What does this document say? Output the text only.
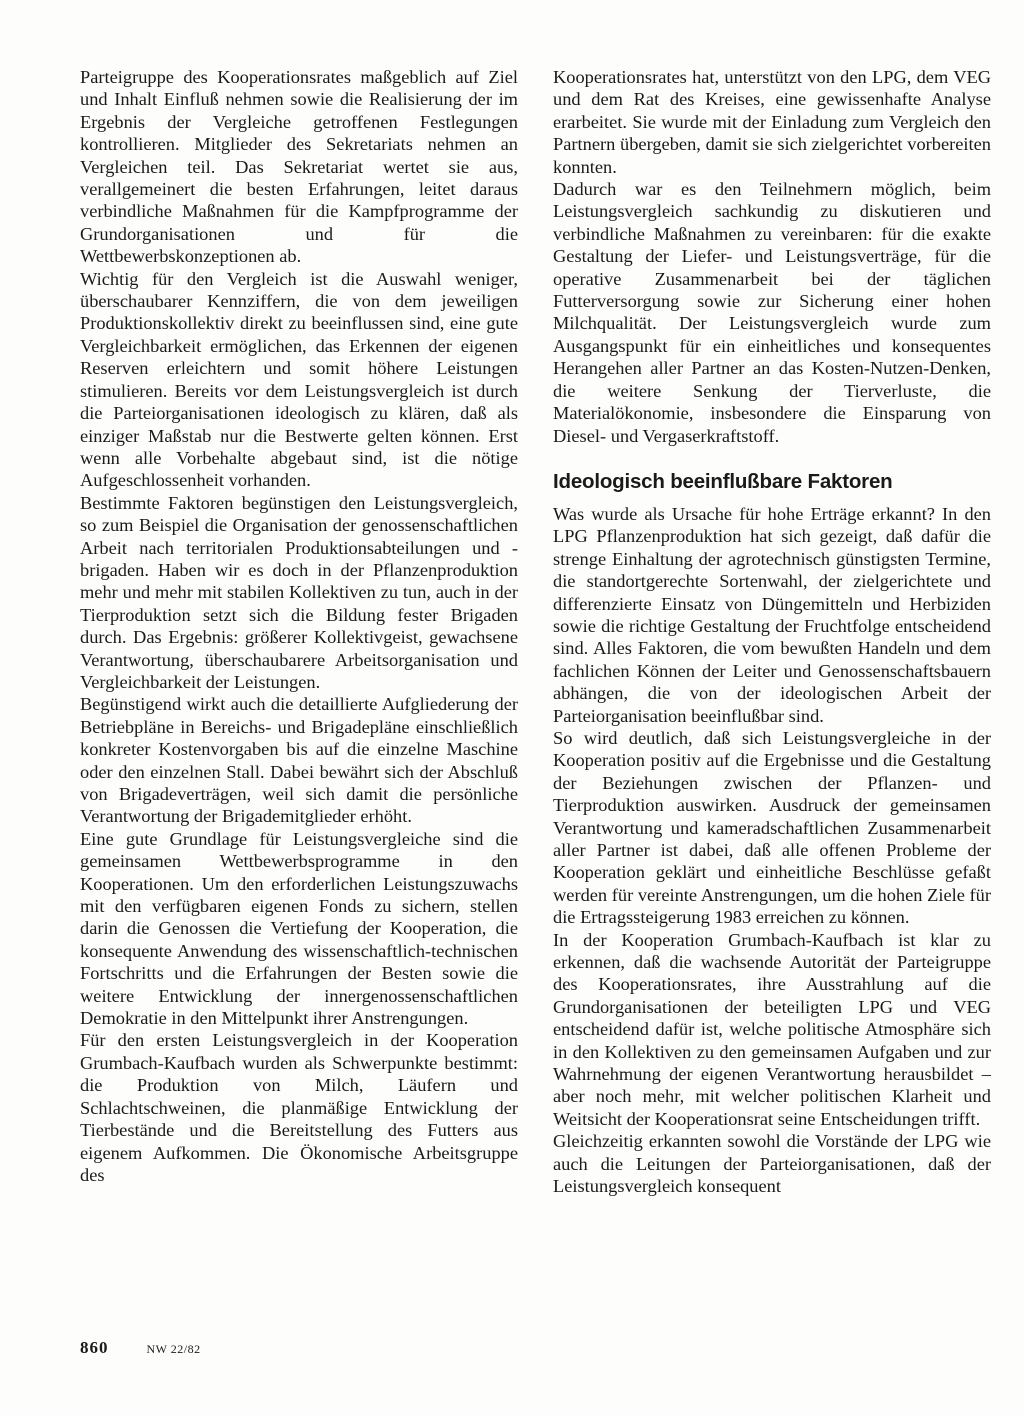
Parteigruppe des Kooperationsrates maßgeblich auf Ziel und Inhalt Einfluß nehmen sowie die Realisierung der im Ergebnis der Vergleiche getroffenen Festlegungen kontrollieren. Mitglieder des Sekretariats nehmen an Vergleichen teil. Das Sekretariat wertet sie aus, verallgemeinert die besten Erfahrungen, leitet daraus verbindliche Maßnahmen für die Kampfprogramme der Grundorganisationen und für die Wettbewerbskonzeptionen ab.

Wichtig für den Vergleich ist die Auswahl weniger, überschaubarer Kennziffern, die von dem jeweiligen Produktionskollektiv direkt zu beeinflussen sind, eine gute Vergleichbarkeit ermöglichen, das Erkennen der eigenen Reserven erleichtern und somit höhere Leistungen stimulieren. Bereits vor dem Leistungsvergleich ist durch die Parteiorganisationen ideologisch zu klären, daß als einziger Maßstab nur die Bestwerte gelten können. Erst wenn alle Vorbehalte abgebaut sind, ist die nötige Aufgeschlossenheit vorhanden.

Bestimmte Faktoren begünstigen den Leistungsvergleich, so zum Beispiel die Organisation der genossenschaftlichen Arbeit nach territorialen Produktionsabteilungen und -brigaden. Haben wir es doch in der Pflanzenproduktion mehr und mehr mit stabilen Kollektiven zu tun, auch in der Tierproduktion setzt sich die Bildung fester Brigaden durch. Das Ergebnis: größerer Kollektivgeist, gewachsene Verantwortung, überschaubarere Arbeitsorganisation und Vergleichbarkeit der Leistungen.

Begünstigend wirkt auch die detaillierte Aufgliederung der Betriebpläne in Bereichs- und Brigadepläne einschließlich konkreter Kostenvorgaben bis auf die einzelne Maschine oder den einzelnen Stall. Dabei bewährt sich der Abschluß von Brigadeverträgen, weil sich damit die persönliche Verantwortung der Brigademitglieder erhöht.

Eine gute Grundlage für Leistungsvergleiche sind die gemeinsamen Wettbewerbsprogramme in den Kooperationen. Um den erforderlichen Leistungszuwachs mit den verfügbaren eigenen Fonds zu sichern, stellen darin die Genossen die Vertiefung der Kooperation, die konsequente Anwendung des wissenschaftlich-technischen Fortschritts und die Erfahrungen der Besten sowie die weitere Entwicklung der innergenossenschaftlichen Demokratie in den Mittelpunkt ihrer Anstrengungen.

Für den ersten Leistungsvergleich in der Kooperation Grumbach-Kaufbach wurden als Schwerpunkte bestimmt: die Produktion von Milch, Läufern und Schlachtschweinen, die planmäßige Entwicklung der Tierbestände und die Bereitstellung des Futters aus eigenem Aufkommen. Die Ökonomische Arbeitsgruppe des

Kooperationsrates hat, unterstützt von den LPG, dem VEG und dem Rat des Kreises, eine gewissenhafte Analyse erarbeitet. Sie wurde mit der Einladung zum Vergleich den Partnern übergeben, damit sie sich zielgerichtet vorbereiten konnten.

Dadurch war es den Teilnehmern möglich, beim Leistungsvergleich sachkundig zu diskutieren und verbindliche Maßnahmen zu vereinbaren: für die exakte Gestaltung der Liefer- und Leistungsverträge, für die operative Zusammenarbeit bei der täglichen Futterversorgung sowie zur Sicherung einer hohen Milchqualität. Der Leistungsvergleich wurde zum Ausgangspunkt für ein einheitliches und konsequentes Herangehen aller Partner an das Kosten-Nutzen-Denken, die weitere Senkung der Tierverluste, die Materialökonomie, insbesondere die Einsparung von Diesel- und Vergaserkraftstoff.

Ideologisch beeinflußbare Faktoren

Was wurde als Ursache für hohe Erträge erkannt? In den LPG Pflanzenproduktion hat sich gezeigt, daß dafür die strenge Einhaltung der agrotechnisch günstigsten Termine, die standortgerechte Sortenwahl, der zielgerichtete und differenzierte Einsatz von Düngemitteln und Herbiziden sowie die richtige Gestaltung der Fruchtfolge entscheidend sind. Alles Faktoren, die vom bewußten Handeln und dem fachlichen Können der Leiter und Genossenschaftsbauern abhängen, die von der ideologischen Arbeit der Parteiorganisation beeinflußbar sind.

So wird deutlich, daß sich Leistungsvergleiche in der Kooperation positiv auf die Ergebnisse und die Gestaltung der Beziehungen zwischen der Pflanzen- und Tierproduktion auswirken. Ausdruck der gemeinsamen Verantwortung und kameradschaftlichen Zusammenarbeit aller Partner ist dabei, daß alle offenen Probleme der Kooperation geklärt und einheitliche Beschlüsse gefaßt werden für vereinte Anstrengungen, um die hohen Ziele für die Ertragssteigerung 1983 erreichen zu können.

In der Kooperation Grumbach-Kaufbach ist klar zu erkennen, daß die wachsende Autorität der Parteigruppe des Kooperationsrates, ihre Ausstrahlung auf die Grundorganisationen der beteiligten LPG und VEG entscheidend dafür ist, welche politische Atmosphäre sich in den Kollektiven zu den gemeinsamen Aufgaben und zur Wahrnehmung der eigenen Verantwortung herausbildet – aber noch mehr, mit welcher politischen Klarheit und Weitsicht der Kooperationsrat seine Entscheidungen trifft.

Gleichzeitig erkannten sowohl die Vorstände der LPG wie auch die Leitungen der Parteiorganisationen, daß der Leistungsvergleich konsequent

860	NW 22/82
